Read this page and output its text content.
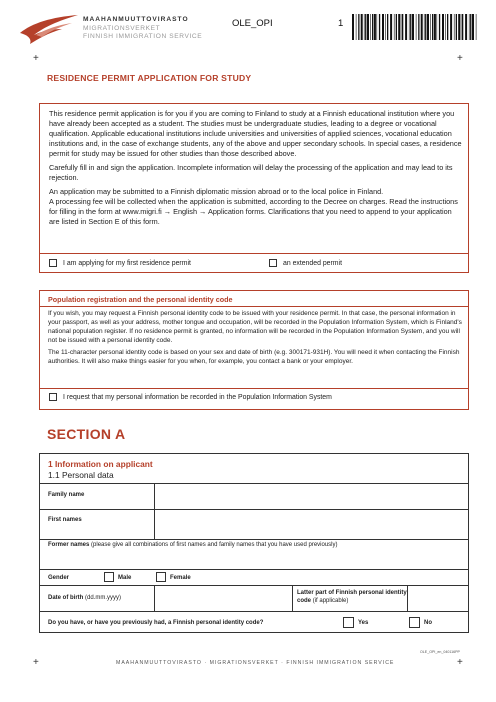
MAAHANMUUTTOVIRASTO
MIGRATIONSVERKET
FINNISH IMMIGRATION SERVICE
OLE_OPI	1
+	+
RESIDENCE PERMIT APPLICATION FOR STUDY

This residence permit application is for you if you are coming to Finland to study at a Finnish educational institution where you have already been accepted as a student. The studies must be undergraduate studies, leading to a degree or vocational qualification. Applicable educational institutions include universities and universities of applied sciences, vocational education institutions and, in the case of exchange students, any of the above and upper secondary schools. In special cases, a residence permit for study may be issued for other studies than those described above.

Carefully fill in and sign the application. Incomplete information will delay the processing of the application and may lead to its rejection.

An application may be submitted to a Finnish diplomatic mission abroad or to the local police in Finland.

A processing fee will be collected when the application is submitted, according to the Decree on charges. Read the instructions for filling in the form at www.migri.fi → English → Application forms. Clarifications that you need to append to your application are listed in Section E of this form.

I am applying for my first residence permit	an extended permit
Population registration and the personal identity code

If you wish, you may request a Finnish personal identity code to be issued with your residence permit. In that case, the personal information in your passport, as well as your address, mother tongue and occupation, will be recorded in the Population Information System, which is Finland's national population register. If no residence permit is granted, no information will be recorded in the Population Information System, and you will not be issued with a personal identity code.

The 11-character personal identity code is based on your sex and date of birth (e.g. 300171-931H). You will need it when contacting the Finnish authorities. It will also make things easier for you when, for example, you contact a bank or your employer.

I request that my personal information be recorded in the Population Information System
SECTION A
1 Information on applicant
1.1 Personal data
Family name
First names
Former names (please give all combinations of first names and family names that you have used previously)
Gender	Male	Female
Date of birth (dd.mm.yyyy)
Latter part of Finnish personal identity code (if applicable)
Do you have, or have you previously had, a Finnish personal identity code?	Yes	No
OLE_OPI_en_040116PP
+	MAAHANMUUTTOVIRASTO · MIGRATIONSVERKET · FINNISH IMMIGRATION SERVICE	+
